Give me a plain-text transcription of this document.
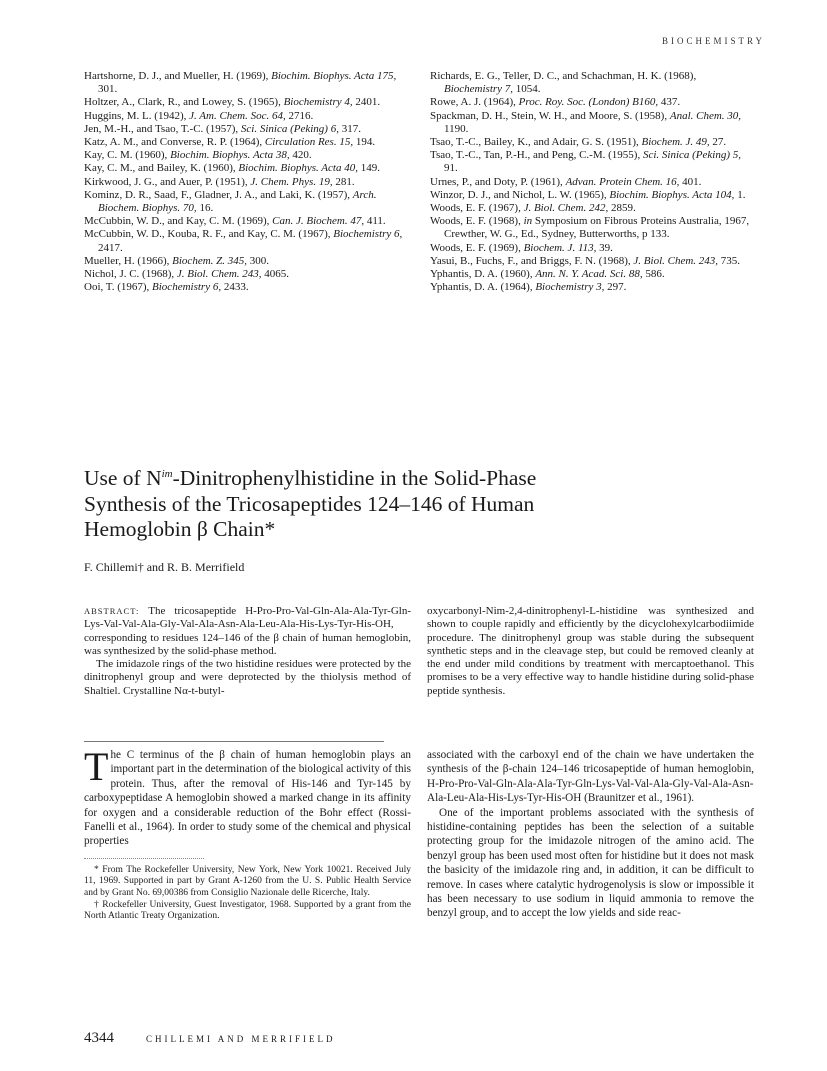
BIOCHEMISTRY

Hartshorne, D. J., and Mueller, H. (1969), Biochim. Biophys. Acta 175, 301.

Holtzer, A., Clark, R., and Lowey, S. (1965), Biochemistry 4, 2401.

Huggins, M. L. (1942), J. Am. Chem. Soc. 64, 2716.

Jen, M.-H., and Tsao, T.-C. (1957), Sci. Sinica (Peking) 6, 317.

Katz, A. M., and Converse, R. P. (1964), Circulation Res. 15, 194.

Kay, C. M. (1960), Biochim. Biophys. Acta 38, 420.

Kay, C. M., and Bailey, K. (1960), Biochim. Biophys. Acta 40, 149.

Kirkwood, J. G., and Auer, P. (1951), J. Chem. Phys. 19, 281.

Kominz, D. R., Saad, F., Gladner, J. A., and Laki, K. (1957), Arch. Biochem. Biophys. 70, 16.

McCubbin, W. D., and Kay, C. M. (1969), Can. J. Biochem. 47, 411.

McCubbin, W. D., Kouba, R. F., and Kay, C. M. (1967), Biochemistry 6, 2417.

Mueller, H. (1966), Biochem. Z. 345, 300.

Nichol, J. C. (1968), J. Biol. Chem. 243, 4065.

Ooi, T. (1967), Biochemistry 6, 2433.

Richards, E. G., Teller, D. C., and Schachman, H. K. (1968), Biochemistry 7, 1054.

Rowe, A. J. (1964), Proc. Roy. Soc. (London) B160, 437.

Spackman, D. H., Stein, W. H., and Moore, S. (1958), Anal. Chem. 30, 1190.

Tsao, T.-C., Bailey, K., and Adair, G. S. (1951), Biochem. J. 49, 27.

Tsao, T.-C., Tan, P.-H., and Peng, C.-M. (1955), Sci. Sinica (Peking) 5, 91.

Urnes, P., and Doty, P. (1961), Advan. Protein Chem. 16, 401.

Winzor, D. J., and Nichol, L. W. (1965), Biochim. Biophys. Acta 104, 1.

Woods, E. F. (1967), J. Biol. Chem. 242, 2859.

Woods, E. F. (1968), in Symposium on Fibrous Proteins Australia, 1967, Crewther, W. G., Ed., Sydney, Butterworths, p 133.

Woods, E. F. (1969), Biochem. J. 113, 39.

Yasui, B., Fuchs, F., and Briggs, F. N. (1968), J. Biol. Chem. 243, 735.

Yphantis, D. A. (1960), Ann. N. Y. Acad. Sci. 88, 586.

Yphantis, D. A. (1964), Biochemistry 3, 297.

Use of $N^{im}$-Dinitrophenylhistidine in the Solid-Phase Synthesis of the Tricosapeptides 124–146 of Human Hemoglobin β Chain*
F. Chillemi† and R. B. Merrifield

ABSTRACT: The tricosapeptide H-Pro-Pro-Val-Gln-Ala-Ala-Tyr-Gln-Lys-Val-Val-Ala-Gly-Val-Ala-Asn-Ala-Leu-Ala-His-Lys-Tyr-His-OH, corresponding to residues 124–146 of the β chain of human hemoglobin, was synthesized by the solid-phase method.

The imidazole rings of the two histidine residues were protected by the dinitrophenyl group and were deprotected by the thiolysis method of Shaltiel. Crystalline Nα-t-butyl-

oxycarbonyl-Nim-2,4-dinitrophenyl-L-histidine was synthesized and shown to couple rapidly and efficiently by the dicyclohexylcarbodiimide procedure. The dinitrophenyl group was stable during the subsequent synthetic steps and in the cleavage step, but could be removed cleanly at the end under mild conditions by treatment with mercaptoethanol. This promises to be a very effective way to handle histidine during solid-phase peptide synthesis.

The C terminus of the β chain of human hemoglobin plays an important part in the determination of the biological activity of this protein. Thus, after the removal of His-146 and Tyr-145 by carboxypeptidase A hemoglobin showed a marked change in its affinity for oxygen and a considerable reduction of the Bohr effect (Rossi-Fanelli et al., 1964). In order to study some of the chemical and physical properties

* From The Rockefeller University, New York, New York 10021. Received July 11, 1969. Supported in part by Grant A-1260 from the U. S. Public Health Service and by Grant No. 69,00386 from Consiglio Nazionale delle Ricerche, Italy.

† Rockefeller University, Guest Investigator, 1968. Supported by a grant from the North Atlantic Treaty Organization.

associated with the carboxyl end of the chain we have undertaken the synthesis of the β-chain 124–146 tricosapeptide of human hemoglobin, H-Pro-Pro-Val-Gln-Ala-Ala-Tyr-Gln-Lys-Val-Val-Ala-Gly-Val-Ala-Asn-Ala-Leu-Ala-His-Lys-Tyr-His-OH (Braunitzer et al., 1961).

One of the important problems associated with the synthesis of histidine-containing peptides has been the selection of a suitable protecting group for the imidazole nitrogen of the amino acid. The benzyl group has been used most often for histidine but it does not mask the basicity of the imidazole ring and, in addition, it can be difficult to remove. In cases where catalytic hydrogenolysis is slow or impossible it has been necessary to use sodium in liquid ammonia to remove the benzyl group, and to accept the low yields and side reac-

4344	CHILLEMI AND MERRIFIELD
